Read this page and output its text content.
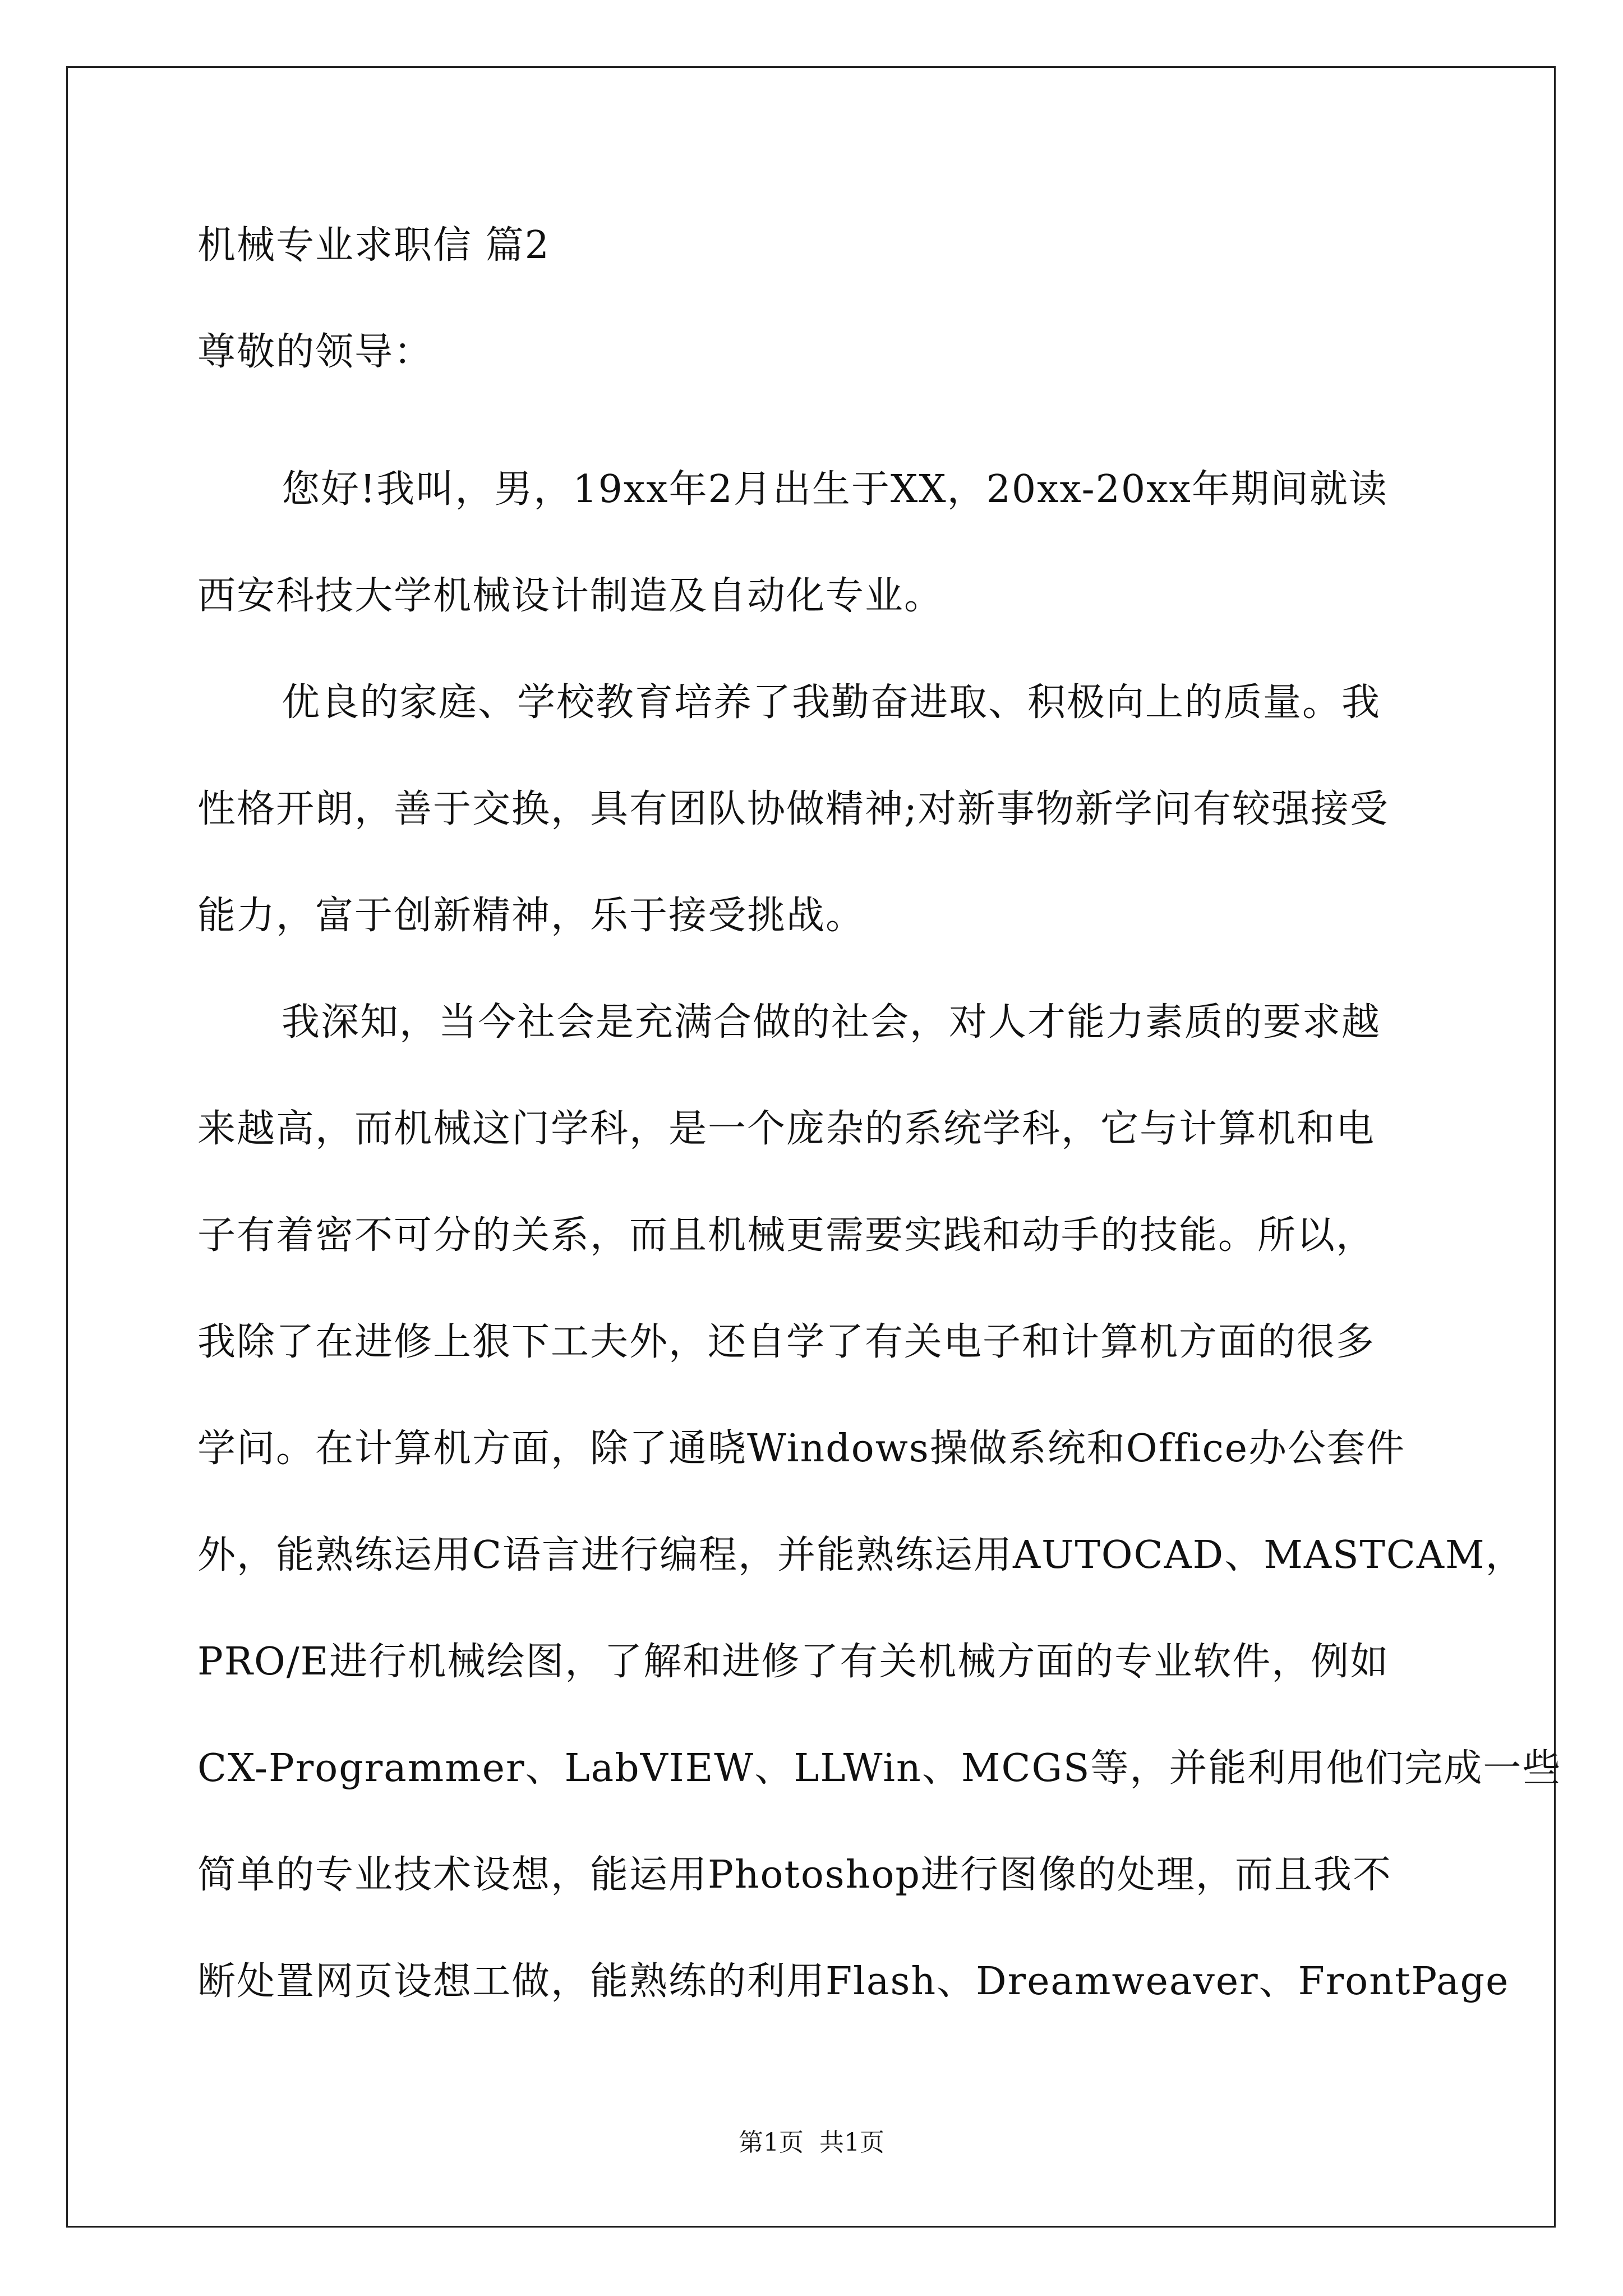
机械专业求职信 篇2
尊敬的领导：
您好!我叫，男，19xx年2月出生于XX，20xx-20xx年期间就读
西安科技大学机械设计制造及自动化专业。
优良的家庭、学校教育培养了我勤奋进取、积极向上的质量。我
性格开朗，善于交换，具有团队协做精神;对新事物新学问有较强接受
能力，富于创新精神，乐于接受挑战。
我深知，当今社会是充满合做的社会，对人才能力素质的要求越
来越高，而机械这门学科，是一个庞杂的系统学科，它与计算机和电
子有着密不可分的关系，而且机械更需要实践和动手的技能。所以，
我除了在进修上狠下工夫外，还自学了有关电子和计算机方面的很多
学问。在计算机方面，除了通晓Windows操做系统和Office办公套件
外，能熟练运用C语言进行编程，并能熟练运用AUTOCAD、MASTCAM，
PRO/E进行机械绘图，了解和进修了有关机械方面的专业软件，例如
CX-Programmer、LabVIEW、LLWin、MCGS等，并能利用他们完成一些
简单的专业技术设想，能运用Photoshop进行图像的处理，而且我不
断处置网页设想工做，能熟练的利用Flash、Dreamweaver、FrontPage
第1页  共1页
